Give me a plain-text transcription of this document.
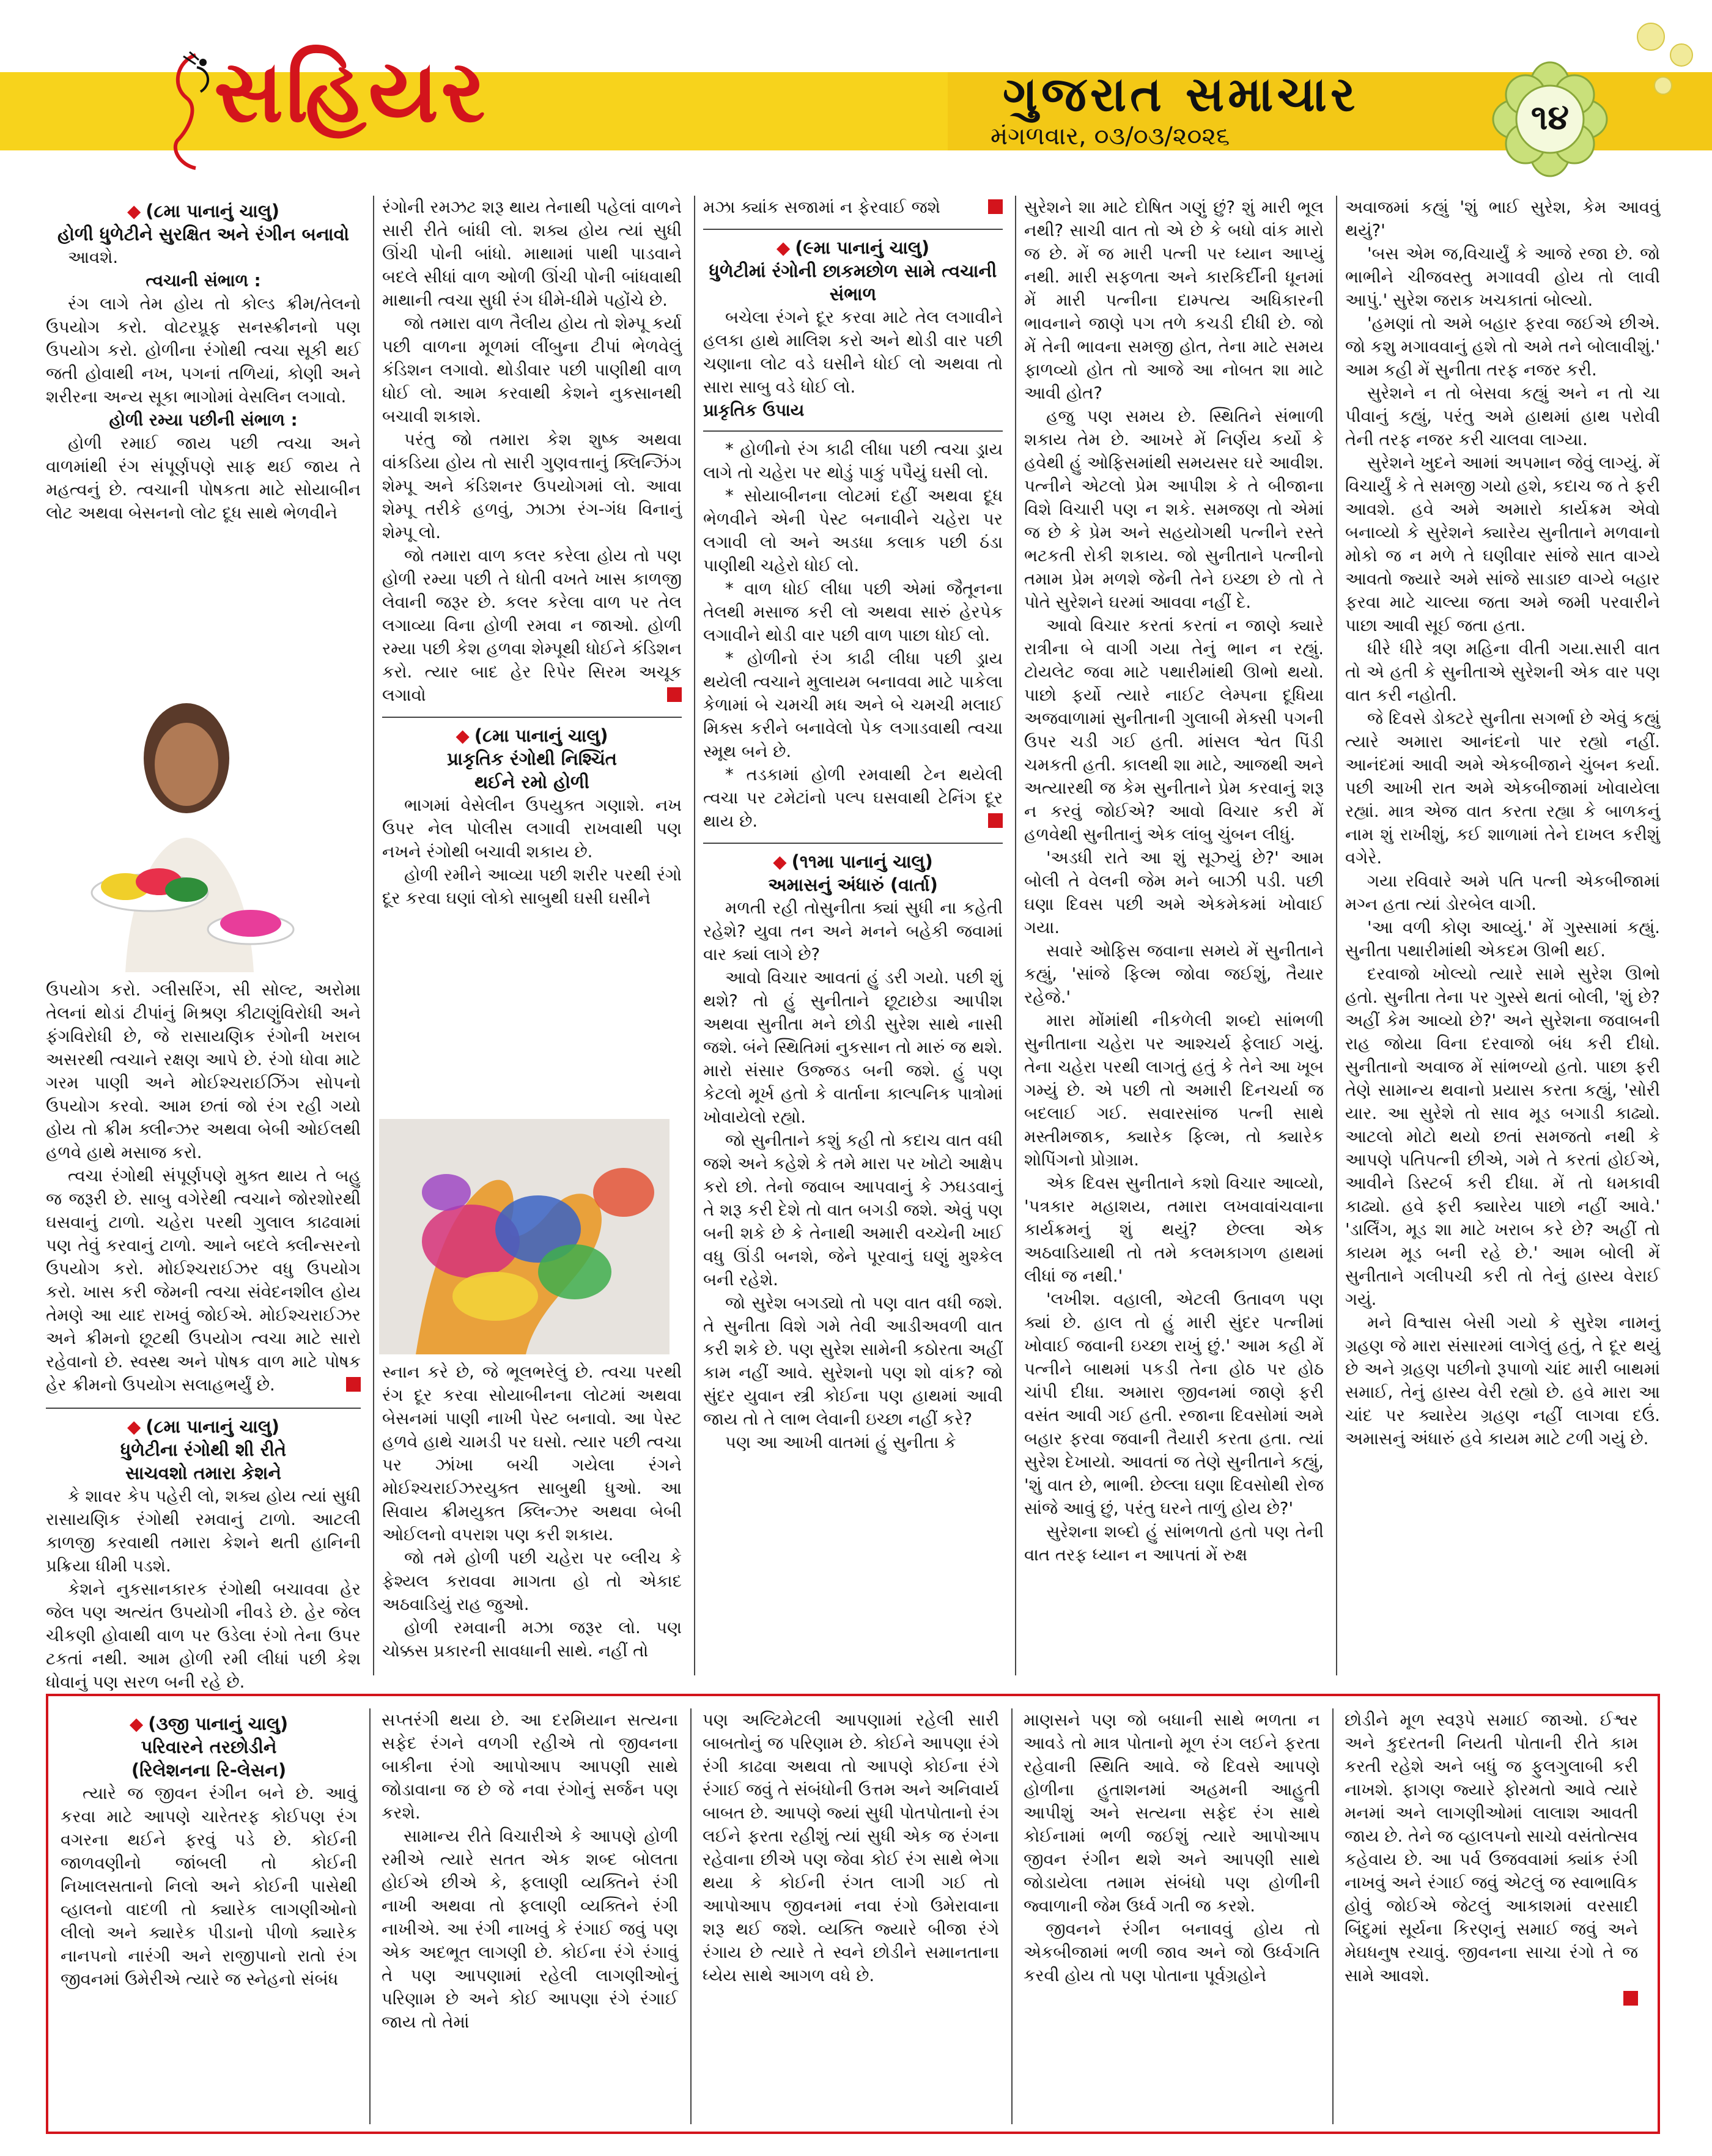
સહિયર	ગુજરાત સમાચાર
મંગળવાર, ૦૩/૦૩/૨૦૨૬	૧૪
◆ (૮મા પાનાનું ચાલુ)
હોળી ધુળેટીને સુરક્ષિત અને રંગીન બનાવો

આવશે.

ત્વચાની સંભાળ :

રંગ લાગે તેમ હોય તો કોલ્ડ ક્રીમ/તેલનો ઉપયોગ કરો. વોટરપ્રૂફ સનસ્ક્રીનનો પણ ઉપયોગ કરો. હોળીના રંગોથી ત્વચા સૂકી થઈ જતી હોવાથી નખ, પગનાં તળિયાં, કોણી અને શરીરના અન્ય સૂકા ભાગોમાં વેસલિન લગાવો.

હોળી રમ્યા પછીની સંભાળ :

હોળી રમાઈ જાય પછી ત્વચા અને વાળમાંથી રંગ સંપૂર્ણપણે સાફ થઈ જાય તે મહત્વનું છે. ત્વચાની પોષકતા માટે સોયાબીન લોટ અથવા બેસનનો લોટ દૂધ સાથે ભેળવીને

ઉપયોગ કરો. ગ્લીસરિંગ, સી સોલ્ટ, અરોમા તેલનાં થોડાં ટીપાંનું મિશ્રણ કીટાણુંવિરોધી અને ફંગવિરોધી છે, જે રાસાયણિક રંગોની ખરાબ અસરથી ત્વચાને રક્ષણ આપે છે. રંગો ધોવા માટે ગરમ પાણી અને મોઈશ્ચરાઈઝિંગ સોપનો ઉપયોગ કરવો. આમ છતાં જો રંગ રહી ગયો હોય તો ક્રીમ ક્લીન્ઝર અથવા બેબી ઓઈલથી હળવે હાથે મસાજ કરો.

ત્વચા રંગોથી સંપૂર્ણપણે મુક્ત થાય તે બહુ જ જરૂરી છે. સાબુ વગેરેથી ત્વચાને જોરશોરથી ઘસવાનું ટાળો. ચહેરા પરથી ગુલાલ કાઢવામાં પણ તેવું કરવાનું ટાળો. આને બદલે ક્લીન્સરનો ઉપયોગ કરો. મોઈશ્ચરાઈઝર વધુ ઉપયોગ કરો. ખાસ કરી જેમની ત્વચા સંવેદનશીલ હોય તેમણે આ યાદ રાખવું જોઈએ. મોઈશ્ચરાઈઝર અને ક્રીમનો છૂટથી ઉપયોગ ત્વચા માટે સારો રહેવાનો છે. સ્વસ્થ અને પોષક વાળ માટે પોષક હેર ક્રીમનો ઉપયોગ સલાહભર્યું છે.

◆ (૮મા પાનાનું ચાલુ)
ધુળેટીના રંગોથી શી રીતે
સાચવશો તમારા કેશને

કે શાવર કેપ પહેરી લો, શક્ય હોય ત્યાં સુધી રાસાયણિક રંગોથી રમવાનું ટાળો. આટલી કાળજી કરવાથી તમારા કેશને થતી હાનિની પ્રક્રિયા ધીમી પડશે.

કેશને નુકસાનકારક રંગોથી બચાવવા હેર જેલ પણ અત્યંત ઉપયોગી નીવડે છે. હેર જેલ ચીકણી હોવાથી વાળ પર ઉડેલા રંગો તેના ઉપર ટકતાં નથી. આમ હોળી રમી લીધાં પછી કેશ ધોવાનું પણ સરળ બની રહે છે.

રંગોની રમઝટ શરૂ થાય તેનાથી પહેલાં વાળને સારી રીતે બાંધી લો. શક્ય હોય ત્યાં સુધી ઊંચી પોની બાંધો. માથામાં પાથી પાડવાને બદલે સીધાં વાળ ઓળી ઊંચી પોની બાંધવાથી માથાની ત્વચા સુધી રંગ ધીમે-ધીમે પહોંચે છે.

જો તમારા વાળ તૈલીય હોય તો શેમ્પૂ કર્યા પછી વાળના મૂળમાં લીંબુના ટીપાં ભેળવેલું કંડિશન લગાવો. થોડીવાર પછી પાણીથી વાળ ધોઈ લો. આમ કરવાથી કેશને નુકસાનથી બચાવી શકાશે.

પરંતુ જો તમારા કેશ શુષ્ક અથવા વાંકડિયા હોય તો સારી ગુણવત્તાનું ક્લિન્ઝિંગ શેમ્પૂ અને કંડિશનર ઉપયોગમાં લો. આવા શેમ્પૂ તરીકે હળવું, ઝાઝા રંગ-ગંધ વિનાનું શેમ્પૂ લો.

જો તમારા વાળ કલર કરેલા હોય તો પણ હોળી રમ્યા પછી તે ધોતી વખતે ખાસ કાળજી લેવાની જરૂર છે. કલર કરેલા વાળ પર તેલ લગાવ્યા વિના હોળી રમવા ન જાઓ. હોળી રમ્યા પછી કેશ હળવા શેમ્પૂથી ધોઈને કંડિશન કરો. ત્યાર બાદ હેર રિપેર સિરમ અચૂક લગાવો

◆ (૮મા પાનાનું ચાલુ)
પ્રાકૃતિક રંગોથી નિશ્ચિંત
થઈને રમો હોળી

ભાગમાં વેસેલીન ઉપયુક્ત ગણાશે. નખ ઉપર નેલ પોલીસ લગાવી રાખવાથી પણ નખને રંગોથી બચાવી શકાય છે.

હોળી રમીને આવ્યા પછી શરીર પરથી રંગો દૂર કરવા ઘણાં લોકો સાબુથી ઘસી ઘસીને

સ્નાન કરે છે, જે ભૂલભરેલું છે. ત્વચા પરથી રંગ દૂર કરવા સોયાબીનના લોટમાં અથવા બેસનમાં પાણી નાખી પેસ્ટ બનાવો. આ પેસ્ટ હળવે હાથે ચામડી પર ઘસો. ત્યાર પછી ત્વચા પર ઝાંખા બચી ગયેલા રંગને મોઈશ્ચરાઈઝરયુક્ત સાબુથી ધુઓ. આ સિવાય ક્રીમયુક્ત ક્લિન્ઝર અથવા બેબી ઓઈલનો વપરાશ પણ કરી શકાય.

જો તમે હોળી પછી ચહેરા પર બ્લીચ કે ફેશ્યલ કરાવવા માગતા હો તો એકાદ અઠવાડિયું રાહ જુઓ.

હોળી રમવાની મઝા જરૂર લો. પણ ચોક્કસ પ્રકારની સાવધાની સાથે. નહીં તો

મઝા ક્યાંક સજામાં ન ફેરવાઈ જશે

◆ (૯મા પાનાનું ચાલુ)
ધુળેટીમાં રંગોની છાકમછોળ સામે ત્વચાની સંભાળ

બચેલા રંગને દૂર કરવા માટે તેલ લગાવીને હલકા હાથે માલિશ કરો અને થોડી વાર પછી ચણાના લોટ વડે ઘસીને ધોઈ લો અથવા તો સારા સાબુ વડે ધોઈ લો.

પ્રાકૃતિક ઉપાય

* હોળીનો રંગ કાઢી લીધા પછી ત્વચા ડ્રાય લાગે તો ચહેરા પર થોડું પાકું પપૈયું ઘસી લો.

* સોયાબીનના લોટમાં દહીં અથવા દૂધ ભેળવીને એની પેસ્ટ બનાવીને ચહેરા પર લગાવી લો અને અડધા કલાક પછી ઠંડા પાણીથી ચહેરો ધોઈ લો.

* વાળ ધોઈ લીધા પછી એમાં જૈતૂનના તેલથી મસાજ કરી લો અથવા સારું હેરપેક લગાવીને થોડી વાર પછી વાળ પાછા ધોઈ લો.

* હોળીનો રંગ કાઢી લીધા પછી ડ્રાય થયેલી ત્વચાને મુલાયમ બનાવવા માટે પાકેલા કેળામાં બે ચમચી મધ અને બે ચમચી મલાઈ મિક્સ કરીને બનાવેલો પેક લગાડવાથી ત્વચા સ્મૂથ બને છે.

* તડકામાં હોળી રમવાથી ટેન થયેલી ત્વચા પર ટમેટાંનો પલ્પ ઘસવાથી ટેનિંગ દૂર થાય છે.

◆ (૧૧મા પાનાનું ચાલુ)
અમાસનું અંધારું (વાર્તા)

મળતી રહી તોસુનીતા ક્યાં સુધી ના કહેતી રહેશે? યુવા તન અને મનને બહેકી જવામાં વાર ક્યાં લાગે છે?

આવો વિચાર આવતાં હું ડરી ગયો. પછી શું થશે? તો હું સુનીતાને છૂટાછેડા આપીશ અથવા સુનીતા મને છોડી સુરેશ સાથે નાસી જશે. બંને સ્થિતિમાં નુકસાન તો મારું જ થશે. મારો સંસાર ઉજ્જડ બની જશે. હું પણ કેટલો મૂર્ખ હતો કે વાર્તાના કાલ્પનિક પાત્રોમાં ખોવાયેલો રહ્યો.

જો સુનીતાને કશું કહી તો કદાચ વાત વધી જશે અને કહેશે કે તમે મારા પર ખોટો આક્ષેપ કરો છો. તેનો જવાબ આપવાનું કે ઝઘડવાનું તે શરૂ કરી દેશે તો વાત બગડી જશે. એવું પણ બની શકે છે કે તેનાથી અમારી વચ્ચેની ખાઈ વધુ ઊંડી બનશે, જેને પૂરવાનું ઘણું મુશ્કેલ બની રહેશે.

જો સુરેશ બગડ્યો તો પણ વાત વધી જશે. તે સુનીતા વિશે ગમે તેવી આડીઅવળી વાત કરી શકે છે. પણ સુરેશ સામેની કઠોરતા અહીં કામ નહીં આવે. સુરેશનો પણ શો વાંક? જો સુંદર યુવાન સ્ત્રી કોઈના પણ હાથમાં આવી જાય તો તે લાભ લેવાની ઇચ્છા નહીં કરે?

પણ આ આખી વાતમાં હું સુનીતા કે

સુરેશને શા માટે દોષિત ગણું છું? શું મારી ભૂલ નથી? સાચી વાત તો એ છે કે બધો વાંક મારો જ છે. મેં જ મારી પત્ની પર ધ્યાન આપ્યું નથી. મારી સફળતા અને કારકિર્દીની ધૂનમાં મેં મારી પત્નીના દામ્પત્ય અધિકારની ભાવનાને જાણે પગ તળે કચડી દીધી છે. જો મેં તેની ભાવના સમજી હોત, તેના માટે સમય ફાળવ્યો હોત તો આજે આ નોબત શા માટે આવી હોત?

હજુ પણ સમય છે. સ્થિતિને સંભાળી શકાય તેમ છે. આખરે મેં નિર્ણય કર્યો કે હવેથી હું ઓફિસમાંથી સમયસર ઘરે આવીશ. પત્નીને એટલો પ્રેમ આપીશ કે તે બીજાના વિશે વિચારી પણ ન શકે. સમજણ તો એમાં જ છે કે પ્રેમ અને સહયોગથી પત્નીને રસ્તે ભટકતી રોકી શકાય. જો સુનીતાને પત્નીનો તમામ પ્રેમ મળશે જેની તેને ઇચ્છા છે તો તે પોતે સુરેશને ઘરમાં આવવા નહીં દે.

આવો વિચાર કરતાં કરતાં ન જાણે ક્યારે રાત્રીના બે વાગી ગયા તેનું ભાન ન રહ્યું. ટોયલેટ જવા માટે પથારીમાંથી ઊભો થયો. પાછો ફર્યો ત્યારે નાઈટ લેમ્પના દૂધિયા અજવાળામાં સુનીતાની ગુલાબી મેક્સી પગની ઉપર ચડી ગઈ હતી. માંસલ શ્વેત પિંડી ચમકતી હતી. કાલથી શા માટે, આજથી અને અત્યારથી જ કેમ સુનીતાને પ્રેમ કરવાનું શરૂ ન કરવું જોઈએ? આવો વિચાર કરી મેં હળવેથી સુનીતાનું એક લાંબુ ચુંબન લીધું.

'અડધી રાતે આ શું સૂઝ્યું છે?' આમ બોલી તે વેલની જેમ મને બાઝી પડી. પછી ઘણા દિવસ પછી અમે એકમેકમાં ખોવાઈ ગયા.

સવારે ઓફિસ જવાના સમયે મેં સુનીતાને કહ્યું, 'સાંજે ફિલ્મ જોવા જઈશું, તૈયાર રહેજે.'

મારા મોંમાંથી નીકળેલી શબ્દો સાંભળી સુનીતાના ચહેરા પર આશ્ચર્ય ફેલાઈ ગયું. તેના ચહેરા પરથી લાગતું હતું કે તેને આ ખૂબ ગમ્યું છે. એ પછી તો અમારી દિનચર્યા જ બદલાઈ ગઈ. સવારસાંજ પત્ની સાથે મસ્તીમજાક, ક્યારેક ફિલ્મ, તો ક્યારેક શોપિંગનો પ્રોગ્રામ.

એક દિવસ સુનીતાને કશો વિચાર આવ્યો, 'પત્રકાર મહાશય, તમારા લખવાવાંચવાના કાર્યક્રમનું શું થયું? છેલ્લા એક અઠવાડિયાથી તો તમે કલમકાગળ હાથમાં લીધાં જ નથી.'

'લખીશ. વહાલી, એટલી ઉતાવળ પણ ક્યાં છે. હાલ તો હું મારી સુંદર પત્નીમાં ખોવાઈ જવાની ઇચ્છા રાખું છું.' આમ કહી મેં પત્નીને બાથમાં પકડી તેના હોઠ પર હોઠ ચાંપી દીધા. અમારા જીવનમાં જાણે ફરી વસંત આવી ગઈ હતી. રજાના દિવસોમાં અમે બહાર ફરવા જવાની તૈયારી કરતા હતા. ત્યાં સુરેશ દેખાયો. આવતાં જ તેણે સુનીતાને કહ્યું, 'શું વાત છે, ભાભી. છેલ્લા ઘણા દિવસોથી રોજ સાંજે આવું છું, પરંતુ ઘરને તાળું હોય છે?'

સુરેશના શબ્દો હું સાંભળતો હતો પણ તેની વાત તરફ ધ્યાન ન આપતાં મેં રુક્ષ

અવાજમાં કહ્યું 'શું ભાઈ સુરેશ, કેમ આવવું થયું?'

'બસ એમ જ,વિચાર્યું કે આજે રજા છે. જો ભાભીને ચીજવસ્તુ મગાવવી હોય તો લાવી આપું.' સુરેશ જરાક ખચકાતાં બોલ્યો.

'હમણાં તો અમે બહાર ફરવા જઈએ છીએ. જો કશુ મગાવવાનું હશે તો અમે તને બોલાવીશું.' આમ કહી મેં સુનીતા તરફ નજર કરી.

સુરેશને ન તો બેસવા કહ્યું અને ન તો ચા પીવાનું કહ્યું, પરંતુ અમે હાથમાં હાથ પરોવી તેની તરફ નજર કરી ચાલવા લાગ્યા.

સુરેશને ખુદને આમાં અપમાન જેવું લાગ્યું. મેં વિચાર્યું કે તે સમજી ગયો હશે, કદાચ જ તે ફરી આવશે. હવે અમે અમારો કાર્યક્રમ એવો બનાવ્યો કે સુરેશને ક્યારેય સુનીતાને મળવાનો મોકો જ ન મળે તે ઘણીવાર સાંજે સાત વાગ્યે આવતો જ્યારે અમે સાંજે સાડાછ વાગ્યે બહાર ફરવા માટે ચાલ્યા જતા અમે જમી પરવારીને પાછા આવી સૂઈ જતા હતા.

ધીરે ધીરે ત્રણ મહિના વીતી ગયા.સારી વાત તો એ હતી કે સુનીતાએ સુરેશની એક વાર પણ વાત કરી નહોતી.

જે દિવસે ડોક્ટરે સુનીતા સગર્ભા છે એવું કહ્યું ત્યારે અમારા આનંદનો પાર રહ્યો નહીં. આનંદમાં આવી અમે એકબીજાને ચુંબન કર્યા. પછી આખી રાત અમે એકબીજામાં ખોવાયેલા રહ્યાં. માત્ર એજ વાત કરતા રહ્યા કે બાળકનું નામ શું રાખીશું, કઈ શાળામાં તેને દાખલ કરીશું વગેરે.

ગયા રવિવારે અમે પતિ પત્ની એકબીજામાં મગ્ન હતા ત્યાં ડોરબેલ વાગી.

'આ વળી કોણ આવ્યું.' મેં ગુસ્સામાં કહ્યું. સુનીતા પથારીમાંથી એકદમ ઊભી થઈ.

દરવાજો ખોલ્યો ત્યારે સામે સુરેશ ઊભો હતો. સુનીતા તેના પર ગુસ્સે થતાં બોલી, 'શું છે? અહીં કેમ આવ્યો છે?' અને સુરેશના જવાબની રાહ જોયા વિના દરવાજો બંધ કરી દીધો. સુનીતાનો અવાજ મેં સાંભળ્યો હતો. પાછા ફરી તેણે સામાન્ય થવાનો પ્રયાસ કરતા કહ્યું, 'સોરી યાર. આ સુરેશે તો સાવ મૂડ બગાડી કાઢ્યો. આટલો મોટો થયો છતાં સમજતો નથી કે આપણે પતિપત્ની છીએ, ગમે તે કરતાં હોઈએ, આવીને ડિસ્ટર્બ કરી દીધા. મેં તો ધમકાવી કાઢ્યો. હવે ફરી ક્યારેય પાછો નહીં આવે.' 'ડાર્લિંગ, મૂડ શા માટે ખરાબ કરે છે? અહીં તો કાયમ મૂડ બની રહે છે.' આમ બોલી મેં સુનીતાને ગલીપચી કરી તો તેનું હાસ્ય વેરાઈ ગયું.

મને વિશ્વાસ બેસી ગયો કે સુરેશ નામનું ગ્રહણ જે મારા સંસારમાં લાગેલું હતું, તે દૂર થયું છે અને ગ્રહણ પછીનો રૂપાળો ચાંદ મારી બાથમાં સમાઈ, તેનું હાસ્ય વેરી રહ્યો છે. હવે મારા આ ચાંદ પર ક્યારેય ગ્રહણ નહીં લાગવા દઉં. અમાસનું અંધારું હવે કાયમ માટે ટળી ગયું છે.

◆ (૩જી પાનાનું ચાલુ)
પરિવારને તરછોડીને
(રિલેશનના રિ-લેસન)

ત્યારે જ જીવન રંગીન બને છે. આવું કરવા માટે આપણે ચારેતરફ કોઈપણ રંગ વગરના થઈને ફરવું પડે છે. કોઈની જાળવણીનો જાંબલી તો કોઈની નિખાલસતાનો નિલો અને કોઈની પાસેથી વ્હાલનો વાદળી તો ક્યારેક લાગણીઓનો લીલો અને ક્યારેક પીડાનો પીળો ક્યારેક નાનપનો નારંગી અને રાજીપાનો રાતો રંગ જીવનમાં ઉમેરીએ ત્યારે જ સ્નેહનો સંબંધ

સપ્તરંગી થયા છે. આ દરમિયાન સત્યના સફેદ રંગને વળગી રહીએ તો જીવનના બાકીના રંગો આપોઆપ આપણી સાથે જોડાવાના જ છે જે નવા રંગોનું સર્જન પણ કરશે.

સામાન્ય રીતે વિચારીએ કે આપણે હોળી રમીએ ત્યારે સતત એક શબ્દ બોલતા હોઈએ છીએ કે, ફલાણી વ્યક્તિને રંગી નાખી અથવા તો ફલાણી વ્યક્તિને રંગી નાખીએ. આ રંગી નાખવું કે રંગાઈ જવું પણ એક અદભૂત લાગણી છે. કોઈના રંગે રંગાવું તે પણ આપણામાં રહેલી લાગણીઓનું પરિણામ છે અને કોઈ આપણા રંગે રંગાઈ જાય તો તેમાં

પણ અલ્ટિમેટલી આપણામાં રહેલી સારી બાબતોનું જ પરિણામ છે. કોઈને આપણા રંગે રંગી કાઢવા અથવા તો આપણે કોઈના રંગે રંગાઈ જવું તે સંબંધોની ઉત્તમ અને અનિવાર્ય બાબત છે. આપણે જ્યાં સુધી પોતપોતાનો રંગ લઈને ફરતા રહીશું ત્યાં સુધી એક જ રંગના રહેવાના છીએ પણ જેવા કોઈ રંગ સાથે ભેગા થયા કે કોઈની રંગત લાગી ગઈ તો આપોઆપ જીવનમાં નવા રંગો ઉમેરાવાના શરૂ થઈ જશે. વ્યક્તિ જ્યારે બીજા રંગે રંગાય છે ત્યારે તે સ્વને છોડીને સમાનતાના ધ્યેય સાથે આગળ વધે છે.

માણસને પણ જો બધાની સાથે ભળતા ન આવડે તો માત્ર પોતાનો મૂળ રંગ લઈને ફરતા રહેવાની સ્થિતિ આવે. જે દિવસે આપણે હોળીના હુતાશનમાં અહમની આહુતી આપીશું અને સત્યના સફેદ રંગ સાથે કોઈનામાં ભળી જઈશું ત્યારે આપોઆપ જીવન રંગીન થશે અને આપણી સાથે જોડાયેલા તમામ સંબંધો પણ હોળીની જ્વાળાની જેમ ઉર્ધ્વ ગતી જ કરશે.

જીવનને રંગીન બનાવવું હોય તો એકબીજામાં ભળી જાવ અને જો ઉર્ધ્વગતિ કરવી હોય તો પણ પોતાના પૂર્વગ્રહોને

છોડીને મૂળ સ્વરૂપે સમાઈ જાઓ. ઈશ્વર અને કુદરતની નિયતી પોતાની રીતે કામ કરતી રહેશે અને બધું જ ફુલગુલાબી કરી નાખશે. ફાગણ જ્યારે ફોરમતો આવે ત્યારે મનમાં અને લાગણીઓમાં લાલાશ આવતી જાય છે. તેને જ વ્હાલપનો સાચો વસંતોત્સવ કહેવાય છે. આ પર્વ ઉજવવામાં ક્યાંક રંગી નાખવું અને રંગાઈ જવું એટલું જ સ્વાભાવિક હોવું જોઈએ જેટલું આકાશમાં વરસાદી બિંદુમાં સૂર્યના કિરણનું સમાઈ જવું અને મેઘધનુષ રચાવું. જીવનના સાચા રંગો તે જ સામે આવશે.
